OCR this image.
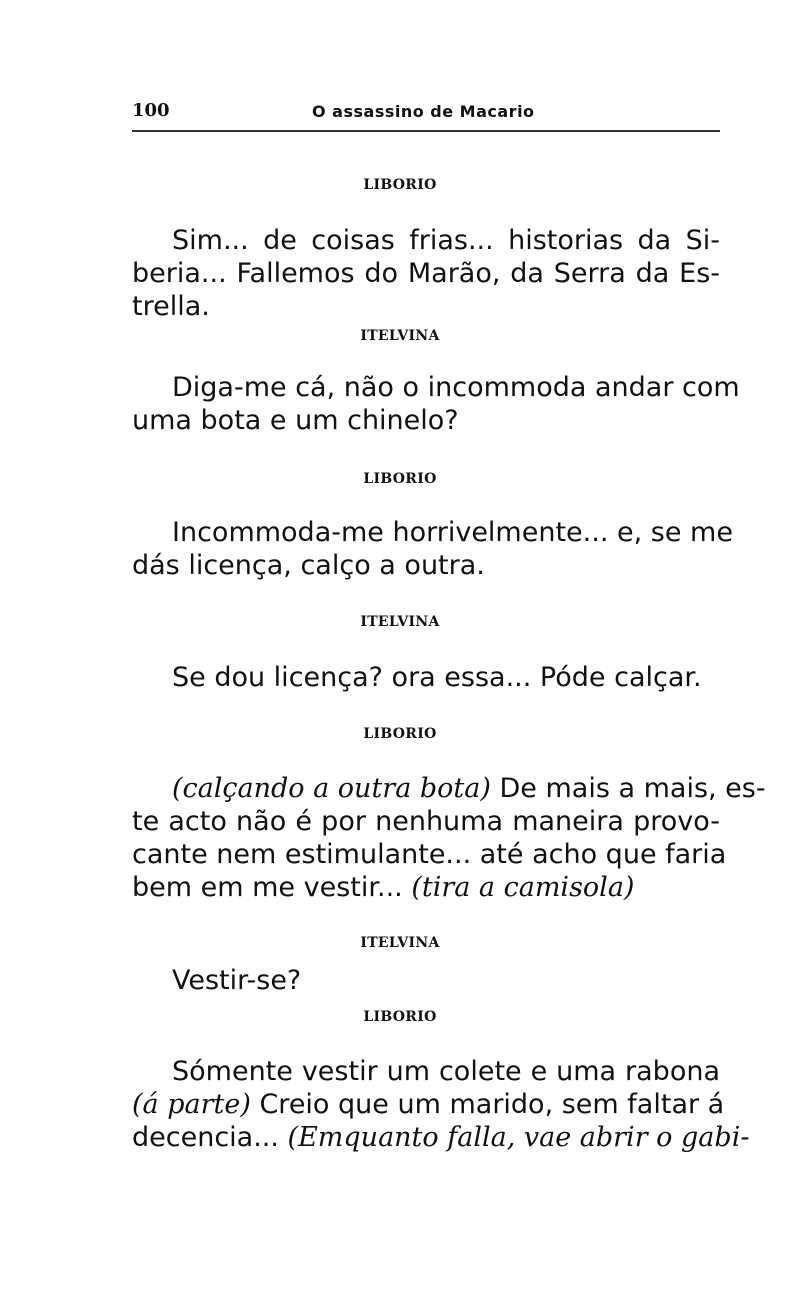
100	O assassino de Macario
LIBORIO
Sim... de coisas frias... historias da Si-
beria... Fallemos do Marão, da Serra da Es-
trella.
ITELVINA
Diga-me cá, não o incommoda andar com
uma bota e um chinelo?
LIBORIO
Incommoda-me horrivelmente... e, se me
dás licença, calço a outra.
ITELVINA
Se dou licença? ora essa... Póde calçar.
LIBORIO
(calçando a outra bota) De mais a mais, es-
te acto não é por nenhuma maneira provo-
cante nem estimulante... até acho que faria
bem em me vestir... (tira a camisola)
ITELVINA
Vestir-se?
LIBORIO
Sómente vestir um colete e uma rabona
(á parte) Creio que um marido, sem faltar á
decencia... (Emquanto falla, vae abrir o gabi-
